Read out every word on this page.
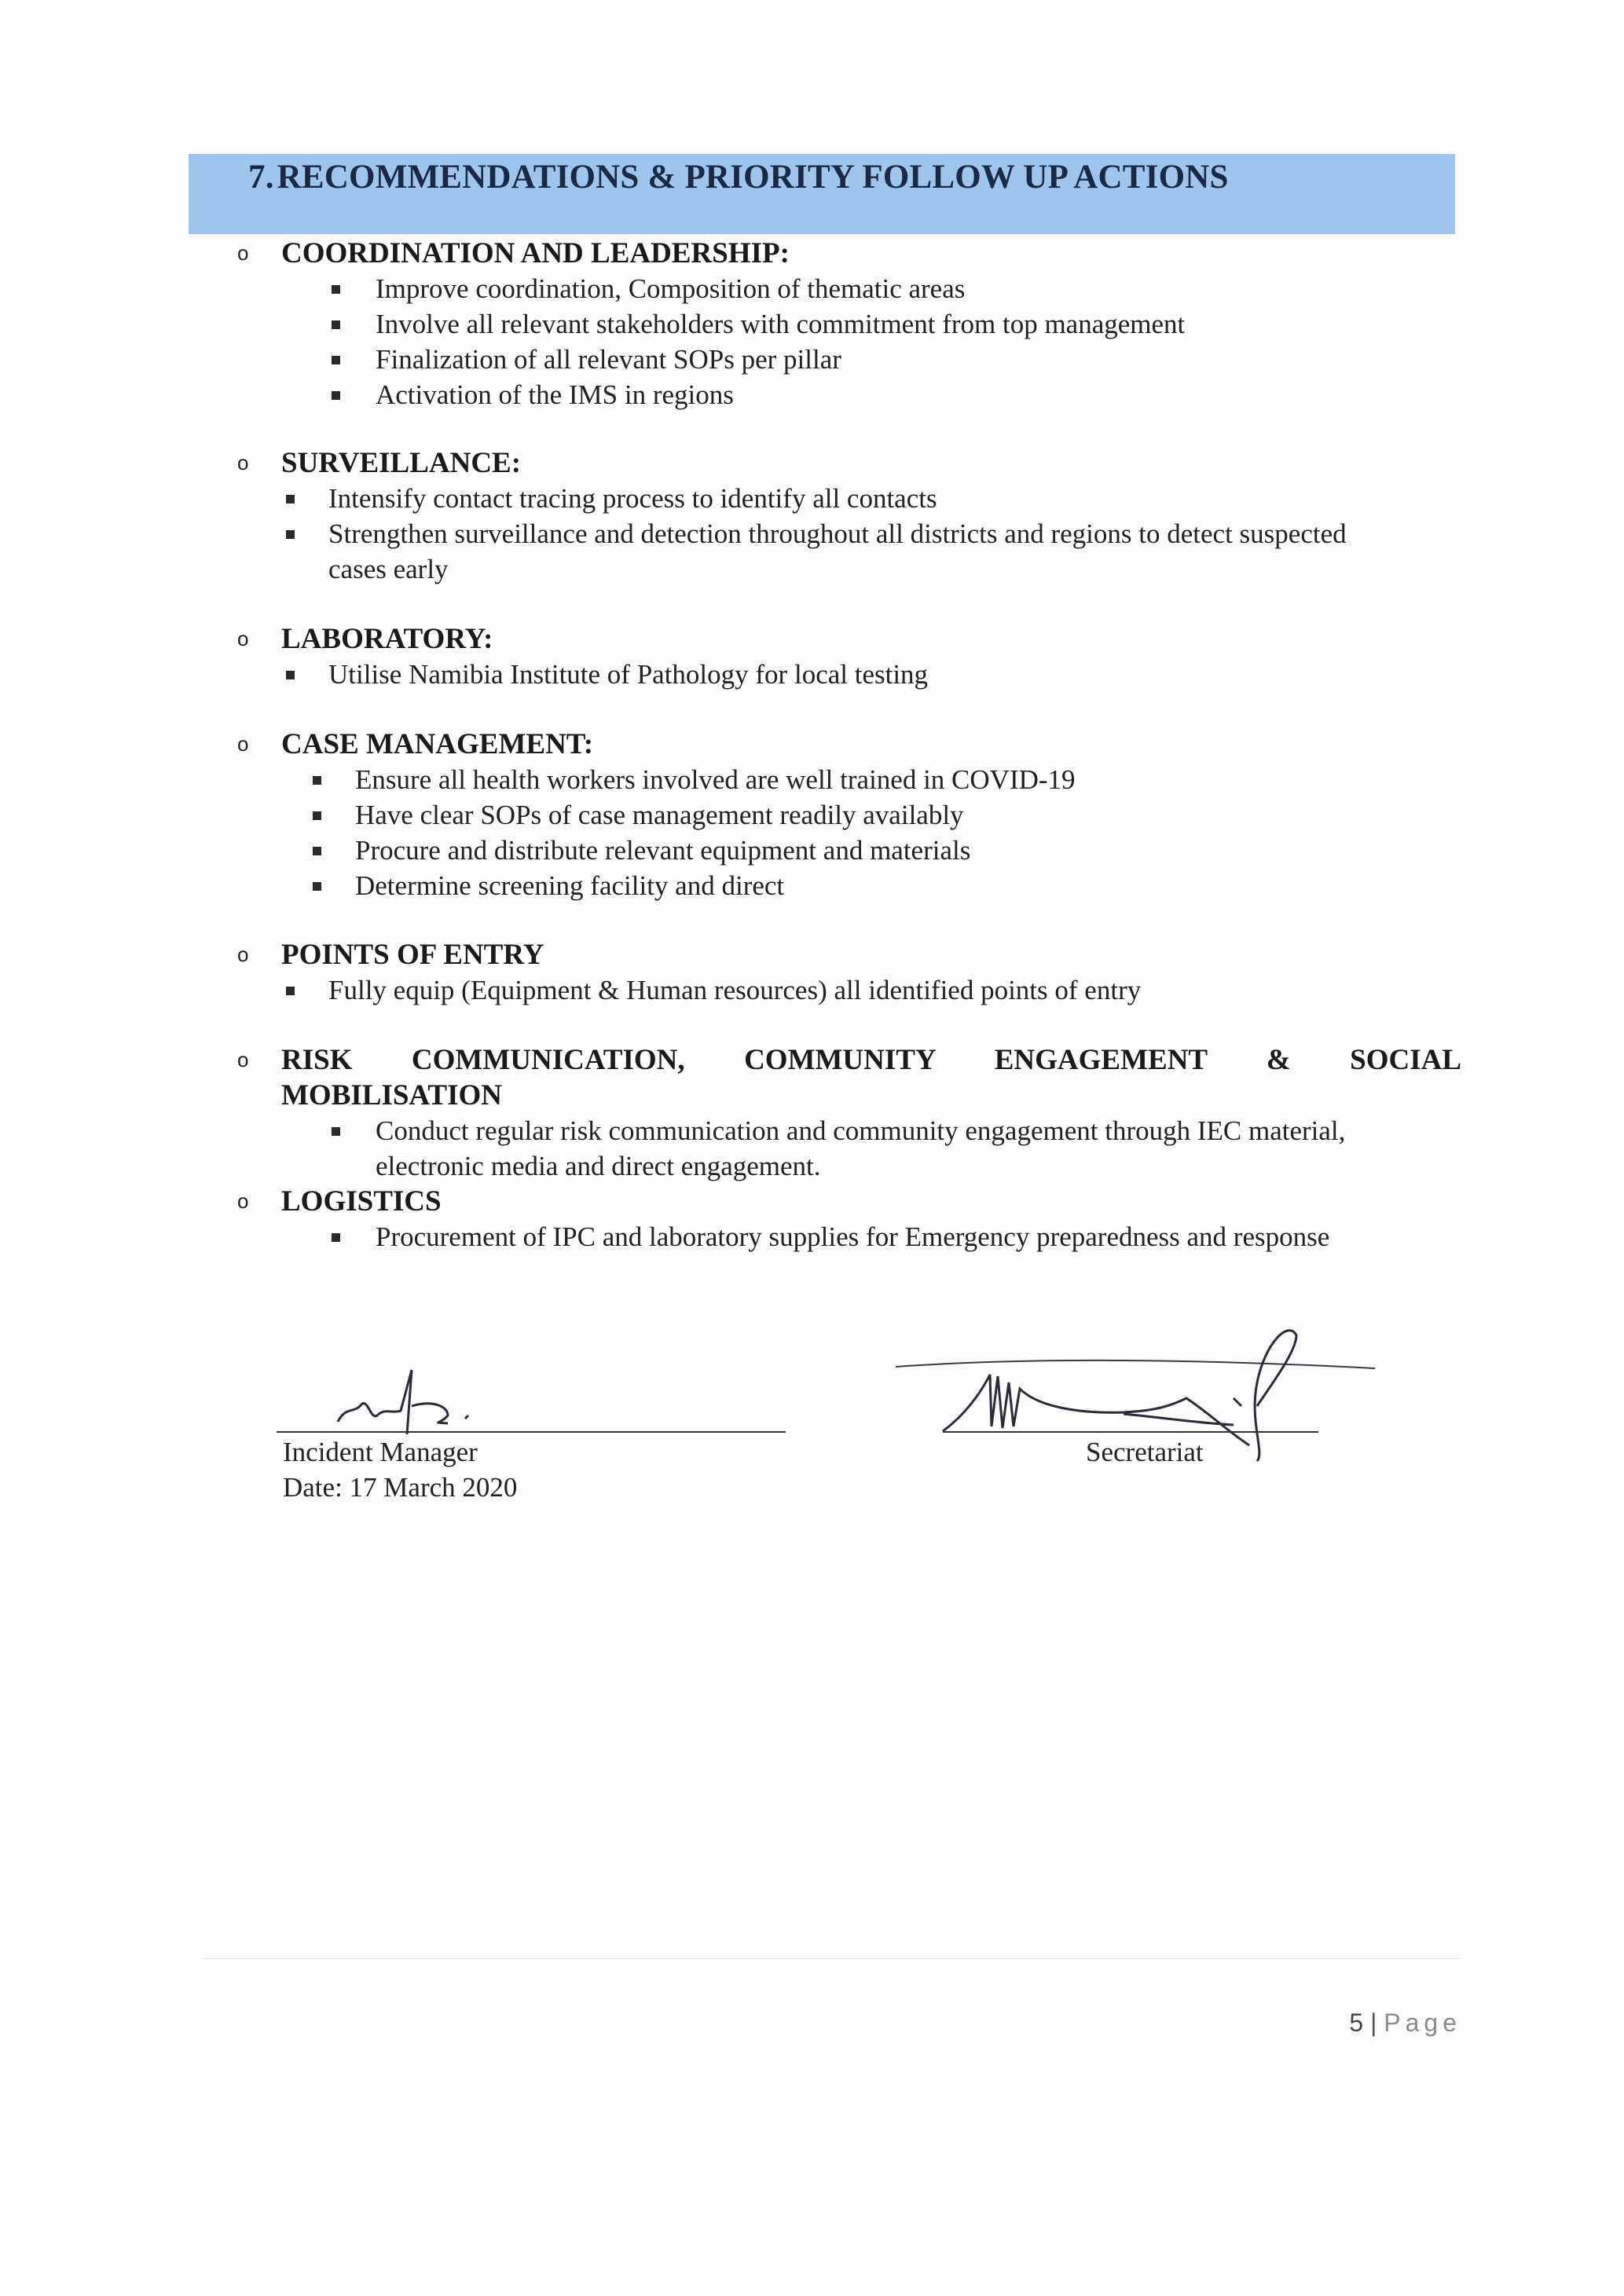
7. RECOMMENDATIONS & PRIORITY FOLLOW UP ACTIONS
o COORDINATION AND LEADERSHIP:
Improve coordination, Composition of thematic areas
Involve all relevant stakeholders with commitment from top management
Finalization of all relevant SOPs per pillar
Activation of the IMS in regions
o SURVEILLANCE:
Intensify contact tracing process to identify all contacts
Strengthen surveillance and detection throughout all districts and regions to detect suspected
cases early
o LABORATORY:
Utilise Namibia Institute of Pathology for local testing
o CASE MANAGEMENT:
Ensure all health workers involved are well trained in COVID-19
Have clear SOPs of case management readily availably
Procure and distribute relevant equipment and materials
Determine screening facility and direct
o POINTS OF ENTRY
Fully equip (Equipment & Human resources) all identified points of entry
o RISK COMMUNICATION, COMMUNITY ENGAGEMENT & SOCIAL
MOBILISATION
Conduct regular risk communication and community engagement through IEC material,
electronic media and direct engagement.
o LOGISTICS
Procurement of IPC and laboratory supplies for Emergency preparedness and response
Incident Manager
Date: 17 March 2020
Secretariat
5 | Page
